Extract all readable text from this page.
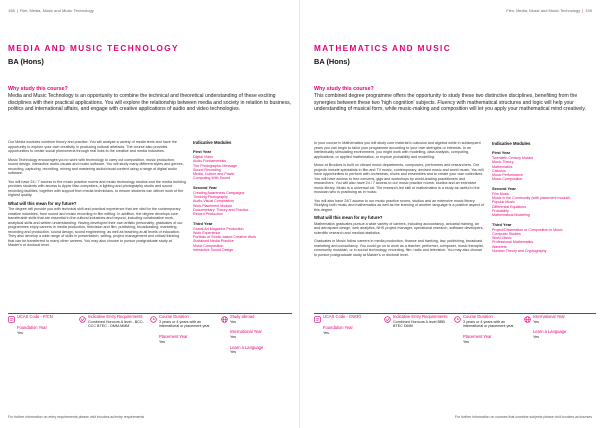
158 | Film, Media, Music and Music Technology
MEDIA AND MUSIC TECHNOLOGY
BA (Hons)
Why study this course?
Media and Music Technology is an opportunity to combine the technical and theoretical understanding of these exciting disciplines with their practical applications. You will explore the relationship between media and society in relation to business, politics and international affairs, and engage with creative applications of audio and video technologies.

Our Media modules combine theory and practice. You will analyse a variety of media texts and have the opportunity to explore your own creativity in producing cultural artefacts. The course also provides opportunities to create social phenomena through real links to the creative and media industries.

Music Technology encourages you to work with technology to carry out composition, music production, sound design, interactive audio-visuals and music software. You will study many different styles and genres, recording, capturing, recording, mixing and mastering audio/visual content using a range of digital audio software.

You will have 24 / 7 access to the music practice rooms and music technology studios and the media building provides students with access to Apple Mac computers, a lighting and photography studio and sound recording facilities, together with support from media technicians, to ensure students can deliver work of the highest quality.

What will this mean for my future?

The degree will provide you with technical skill and practical experience that are vital for the contemporary creative industries, from sound and music recording to film editing. In addition, the degree develops core transferable skills that are essential in the cultural industries and beyond, including collaborative work, analytical skills and written understanding. Having developed their own artistic personality, graduates of our programmes enjoy careers in media production, television and film, publishing, broadcasting, marketing, recording and production, sound design, sound engineering, as well as teaching at all levels of education. They also develop a wide range of skills in presentation, writing, project management and critical thinking that can be transferred to many other careers. You may also choose to pursue postgraduate study at Master's or doctoral level.

Indicative Modules
First Year
Digital Video
Audio Fundamentals
The Photographic Message
Sound Recording
Media, Culture and Power
Computing With Sound
Second Year
Creating Awareness Campaigns
Thinking Photography
Audio-Visual Composition
Work Placement Module
Documentary: Theory and Practice
Record Production
Third Year
Global Art Magazine Production
Work Experience
Portfolio of Studio-based Creative Work
Sustained Media Practice
Music Composition
Interactive Sound Design
UCAS Code - P/CN
Foundation Year
Yes
Indicative Entry Requirements
Combined Honours A level - BCC-CCC BTEC - DMM-MMM
Course Duration
3 years or 4 years with an international or placement year
Placement Year
Yes
Study abroad
Yes
International Year
Yes
Learn a Language
Yes
For further information on entry requirements please visit brookes.ac/entry requirements
Film, Media, Music and Music Technology | 159
MATHEMATICS AND MUSIC
BA (Hons)
Why study this course?
This combined degree programme offers the opportunity to study these two distinctive disciplines, benefiting from the synergies between these two 'high cognition' subjects. Fluency with mathematical structures and logic will help your understanding of musical form, while music-making and composition will let you apply your mathematical mind creatively.

In your course in Mathematics you will study core material in calculus and algebra while in subsequent years you can begin to tailor your programme according to your own strengths or interests. In an intellectually stimulating environment, you might work with modelling, data analysis, computing, applications, or applied mathematics, or explore probability and modelling.

Music at Brookes is built on vibrant music departments, composers, performers and researchers. Our projects include specialists in film and TV music, contemporary, devised music and world music. You will have opportunities to perform with orchestras, choirs and ensembles and to create your own collectives. You will have access to free concerts, gigs and workshops by world-leading practitioners and researchers. You will also have 24 / 7 access to our music practice rooms, studios and an extensive music library. Music is a universal art. The research-led skill of mathematics is a study as useful to the musician who is practising as in music.

You will also have 24/7 access to our music practice rooms, studios and an extensive music library. Studying both music and mathematics as well as the learning of another language is a positive aspect of this degree.

What will this mean for my future?

Mathematics graduates pursue a wide variety of careers, including accountancy, actuarial training, air and aerospace design, web analytics, NHS project manager, operational research, software developers, scientific research and medical statistics.

Graduates in Music follow careers in media production, finance and banking, law, publishing, broadcast marketing and consultancy. You could go on to work as a teacher, performer, composer, music therapist, community musician, or in sound technology, recording, film, radio and television. You may also choose to pursue postgraduate study at Master's or doctoral level.

Indicative Modules
First Year
Twentieth Century Musics
Music Theory
Mathematics
Calculus
Music Performance
Music Composition
Second Year
Film Music
Music in the Community (with placement module)
Popular Music
Differential Equations
Probability
Mathematical Modelling
Third Year
Project/Dissertation or Composition in Music
Computer Studies
World Music
Professional Mathematics
Wavelets
Number Theory and Cryptography
UCAS Code - GW3G
Foundation Year
Yes
Indicative Entry Requirements
Combined Honours A level BBB BTEC DMM
Course Duration
3 years or 4 years with an international or placement year
Placement Year
Yes
International Year
Yes
Learn a Language
Yes
For further information on courses that combine subjects please visit brookes.ac/courses
